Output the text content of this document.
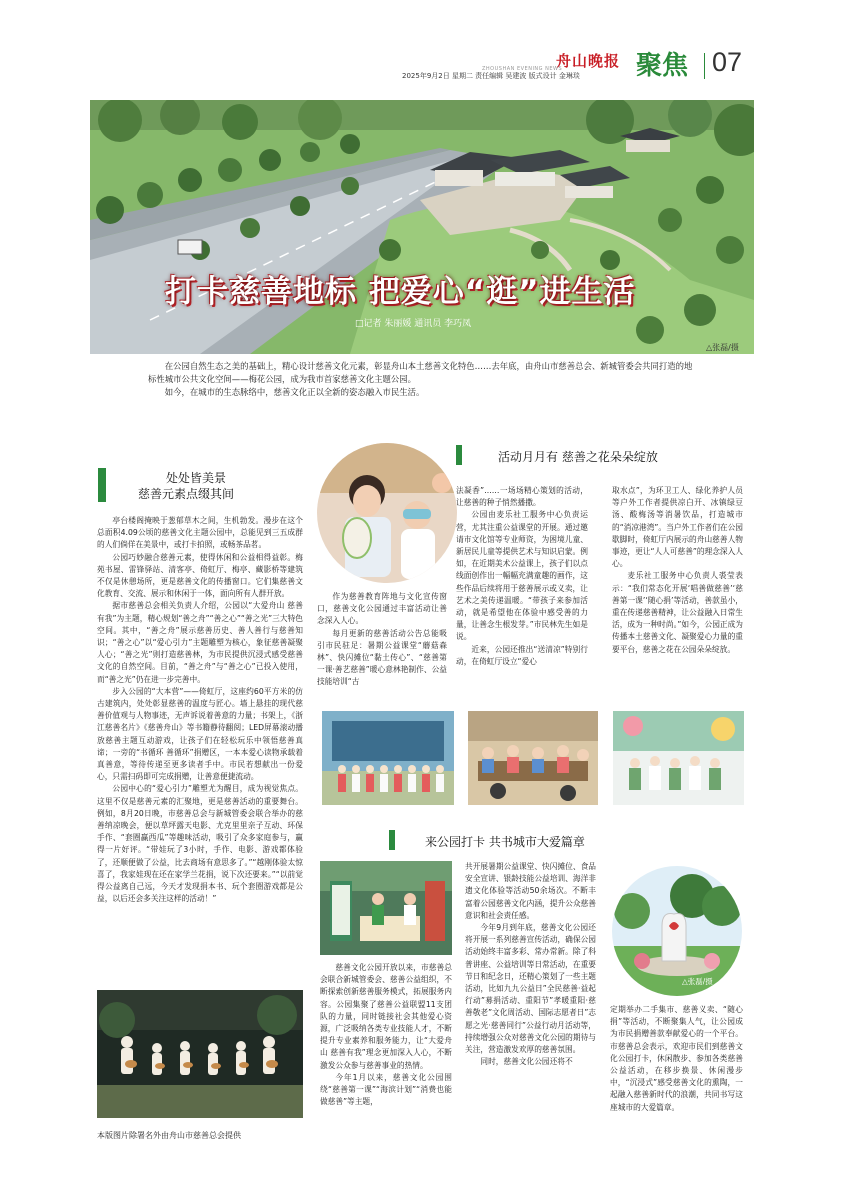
舟山晚报
ZHOUSHAN EVENING NEWS	聚焦 07
2025年9月2日 星期二 责任编辑 吴建波 版式设计 金琳琰
打卡慈善地标 把爱心“逛”进生活
□记者 朱丽媛 通讯员 李巧凤
△张磊/摄
在公园自然生态之美的基础上，精心设计慈善文化元素，彰显舟山本土慈善文化特色……去年底，由舟山市慈善总会、新城管委会共同打造的地标性城市公共文化空间——梅花公园，成为我市首家慈善文化主题公园。
如今，在城市的生态脉络中，慈善文化正以全新的姿态融入市民生活。
处处皆美景
慈善元素点缀其间

亭台楼阁掩映于葱郁草木之间，生机勃发。漫步在这个总面积4.09公顷的慈善文化主题公园中，总能见到三五成群的人们倘佯在美景中，或打卡拍照，或畅茶品茗。

公园巧妙融合慈善元素，使得休闲和公益相得益彰。梅苑书屋、雷锋驿站、清客亭、倚虹厅、梅亭、藏影桥等建筑不仅是休憩场所，更是慈善文化的传播窗口。它们集慈善文化教育、交流、展示和休闲于一体，面向所有人群开放。

据市慈善总会相关负责人介绍，公园以“大爱舟山 慈善有我”为主题，精心规划“善之舟”“善之心”“善之光”三大特色空间。其中，“善之舟”展示慈善历史、善人善行与慈善知识；“善之心”以“爱心引力”主题雕塑为核心，象征慈善凝聚人心；“善之光”则打造慈善林，为市民提供沉浸式感受慈善文化的自然空间。目前，“善之舟”与“善之心”已投入使用，而“善之光”仍在进一步完善中。

步入公园的“大本营”——倚虹厅，这座约60平方米的仿古建筑内，处处彰显慈善的温度与匠心。墙上悬挂的现代慈善价值观与人物事迹，无声诉说着善意的力量；书架上，《浙江慈善名片》《慈善舟山》等书籍静待翻阅；LED屏幕滚动播放慈善主题互动游戏，让孩子们在轻松玩乐中领悟慈善真谛；一旁的“书循环 善循环”捐赠区，一本本爱心读物承载着真善意，等待传递至更多读者手中。市民若想献出一份爱心，只需扫码即可完成捐赠，让善意便捷流动。

公园中心的“爱心引力”雕塑尤为醒目，成为视觉焦点。这里不仅是慈善元素的汇聚地，更是慈善活动的重要舞台。例如，8月20日晚，市慈善总会与新城管委会联合举办的慈善纳凉晚会，便以草坪露天电影、尤克里里亲子互动、环保手作、“套圈赢西瓜”等趣味活动，吸引了众多家庭参与，赢得一片好评。“带娃玩了3小时，手作、电影、游戏都体验了，还顺便做了公益，比去商场有意思多了。”“越刚体验太惊喜了，我家娃现在还在家学兰花捐，说下次还要来。”“以前觉得公益离自己远，今天才发现捐本书、玩个套圈游戏都是公益，以后还会多关注这样的活动！”

活动月月有 慈善之花朵朵绽放

作为慈善教育阵地与文化宣传窗口，慈善文化公园通过丰富活动让善念深入人心。

每月更新的慈善活动公告总能吸引市民驻足：暑期公益课堂“蘑菇森林”、快闪摊位“黏土传心”、“慈善第一课·善艺慈善”暖心意林艳制作、公益技能培训“古

法凝香”……一场场精心策划的活动，让慈善的种子悄然播撒。

公园由麦乐社工服务中心负责运营，尤其注重公益课堂的开展。通过邀请市文化馆等专业师资，为困境儿童、新居民儿童等提供艺术与知识启蒙。例如，在近期美术公益课上，孩子们以点线面创作出一幅幅充满童趣的画作，这些作品后续将用于慈善展示或义卖，让艺术之美传递温暖。“带孩子来参加活动，就是希望他在体验中感受善的力量，让善念生根发芽。”市民林先生如是说。

近来，公园还推出“送清凉”特别行动，在倚虹厅设立“爱心

取水点”，为环卫工人、绿化养护人员等户外工作者提供凉白开、冰镇绿豆汤、酸梅汤等消暑饮品，打造城市的“消凉港湾”。当户外工作者们在公园歇脚时，倚虹厅内展示的舟山慈善人物事迹，更让“人人可慈善”的理念深入人心。

麦乐社工服务中心负责人裘莹表示：“我们常态化开展‘唱善做慈善’‘慈善第一课’‘随心捐’等活动，善款虽小，重在传递慈善精神，让公益融入日常生活，成为一种时尚。”如今，公园正成为传播本土慈善文化、凝聚爱心力量的重要平台，慈善之花在公园朵朵绽放。

来公园打卡 共书城市大爱篇章

慈善文化公园开放以来，市慈善总会联合新城管委会、慈善公益组织，不断探索创新慈善服务模式，拓展服务内容。公园集聚了慈善公益联盟11支团队的力量，同时链接社会其他爱心资源，广泛吸纳各类专业技能人才，不断提升专业素养和服务能力，让“大爱舟山 慈善有我”理念更加深入人心，不断激发公众参与慈善事业的热情。

今年1月以来，慈善文化公园围绕“慈善第一课”“海滨计划”“消费也能做慈善”等主题，

共开展暑期公益课堂、快闪摊位、食品安全宣讲、银龄技能公益培训、海洋非遗文化体验等活动50余场次。不断丰富着公园慈善文化内涵，提升公众慈善意识和社会责任感。

今年9月到年底，慈善文化公园还将开展一系列慈善宣传活动，确保公园活动始终丰富多彩、常办常新。除了科普讲座、公益培训等日常活动，在重要节日和纪念日，还精心策划了一些主题活动，比如九九公益日”全民慈善·益起行动”募捐活动、重阳节”孝暖重阳·慈善敬老”文化周活动、国际志愿者日”志愿之光·慈善同行”公益行动月活动等，持续增强公众对慈善文化公园的期待与关注，营造激发欢厚的慈善氛围。

同时，慈善文化公园还将不

△张磊/摄

定期举办二手集市、慈善义卖、“随心捐”等活动，不断聚集人气，让公园成为市民捐赠善款奉献爱心的一个平台。市慈善总会表示，欢迎市民们到慈善文化公园打卡，休闲散步、参加各类慈善公益活动，在移步换景、休闲漫步中，“沉浸式”感受慈善文化的熏陶，一起融入慈善新时代的浪潮，共同书写这座城市的大爱篇章。

本版图片除署名外由舟山市慈善总会提供
